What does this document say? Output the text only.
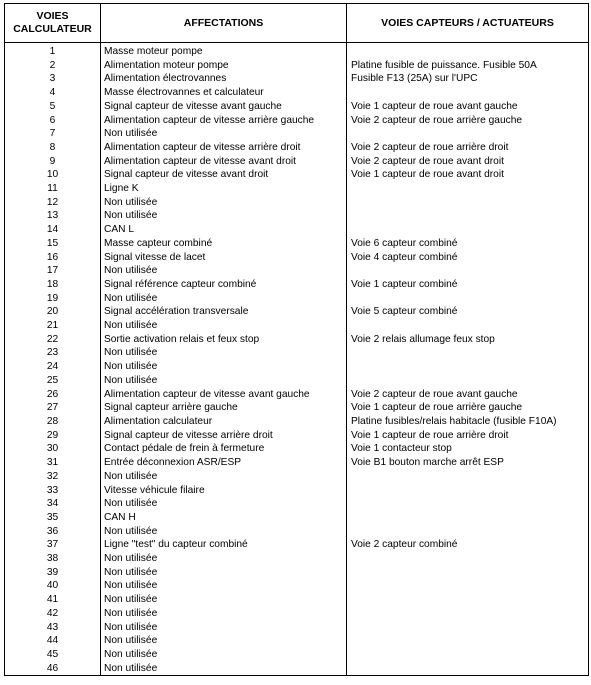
VOIES
CALCULATEUR	AFFECTATIONS	VOIES CAPTEURS / ACTUATEURS
1	Masse moteur pompe	
2	Alimentation moteur pompe	Platine fusible de puissance. Fusible 50A
3	Alimentation électrovannes	Fusible F13 (25A) sur l'UPC
4	Masse électrovannes et calculateur	
5	Signal capteur de vitesse avant gauche	Voie 1 capteur de roue avant gauche
6	Alimentation capteur de vitesse arrière gauche	Voie 2 capteur de roue arrière gauche
7	Non utilisée	
8	Alimentation capteur de vitesse arrière droit	Voie 2 capteur de roue arrière droit
9	Alimentation capteur de vitesse avant droit	Voie 2 capteur de roue avant droit
10	Signal capteur de vitesse avant droit	Voie 1 capteur de roue avant droit
11	Ligne K	
12	Non utilisée	
13	Non utilisée	
14	CAN L	
15	Masse capteur combiné	Voie 6 capteur combiné
16	Signal vitesse de lacet	Voie 4 capteur combiné
17	Non utilisée	
18	Signal référence capteur combiné	Voie 1 capteur combiné
19	Non utilisée	
20	Signal accélération transversale	Voie 5 capteur combiné
21	Non utilisée	
22	Sortie activation relais et feux stop	Voie 2 relais allumage feux stop
23	Non utilisée	
24	Non utilisée	
25	Non utilisée	
26	Alimentation capteur de vitesse avant gauche	Voie 2 capteur de roue avant gauche
27	Signal capteur arrière gauche	Voie 1 capteur de roue arrière gauche
28	Alimentation calculateur	Platine fusibles/relais habitacle (fusible F10A)
29	Signal capteur de vitesse arrière droit	Voie 1 capteur de roue arrière droit
30	Contact pédale de frein à fermeture	Voie 1 contacteur stop
31	Entrée déconnexion ASR/ESP	Voie B1 bouton marche arrêt ESP
32	Non utilisée	
33	Vitesse véhicule filaire	
34	Non utilisée	
35	CAN H	
36	Non utilisée	
37	Ligne "test" du capteur combiné	Voie 2 capteur combiné
38	Non utilisée	
39	Non utilisée	
40	Non utilisée	
41	Non utilisée	
42	Non utilisée	
43	Non utilisée	
44	Non utilisée	
45	Non utilisée	
46	Non utilisée	
